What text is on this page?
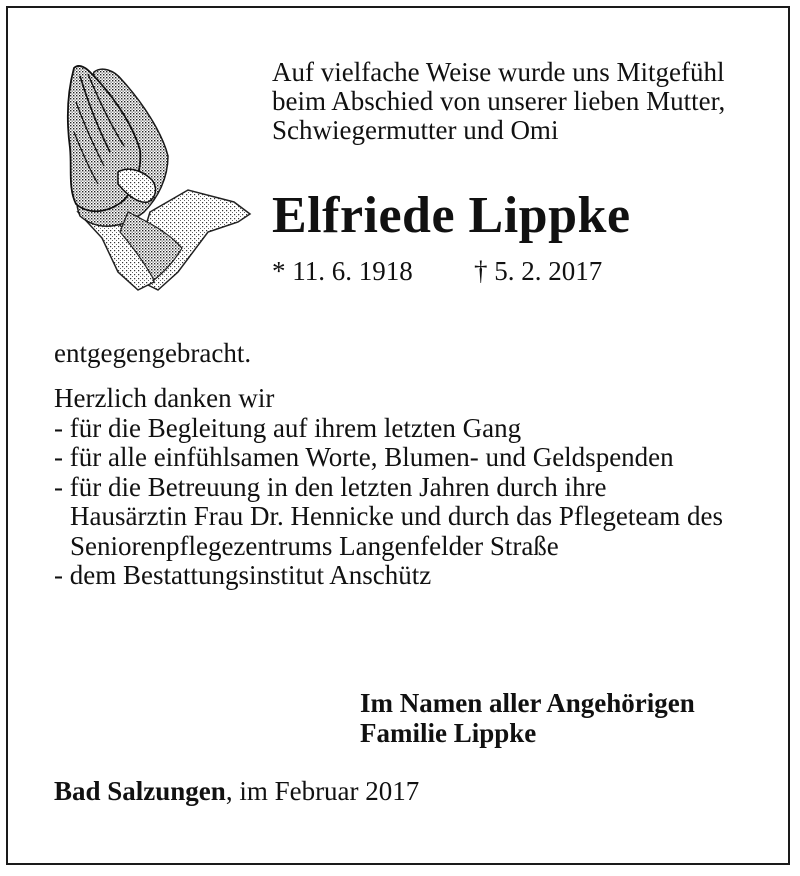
Auf vielfache Weise wurde uns Mitgefühl
beim Abschied von unserer lieben Mutter,
Schwiegermutter und Omi
Elfriede Lippke
* 11. 6. 1918 † 5. 2. 2017
entgegengebracht.
Herzlich danken wir
- für die Begleitung auf ihrem letzten Gang
- für alle einfühlsamen Worte, Blumen- und Geldspenden
- für die Betreuung in den letzten Jahren durch ihre
Hausärztin Frau Dr. Hennicke und durch das Pflegeteam des
Seniorenpflegezentrums Langenfelder Straße
- dem Bestattungsinstitut Anschütz
Im Namen aller Angehörigen
Familie Lippke
Bad Salzungen, im Februar 2017
